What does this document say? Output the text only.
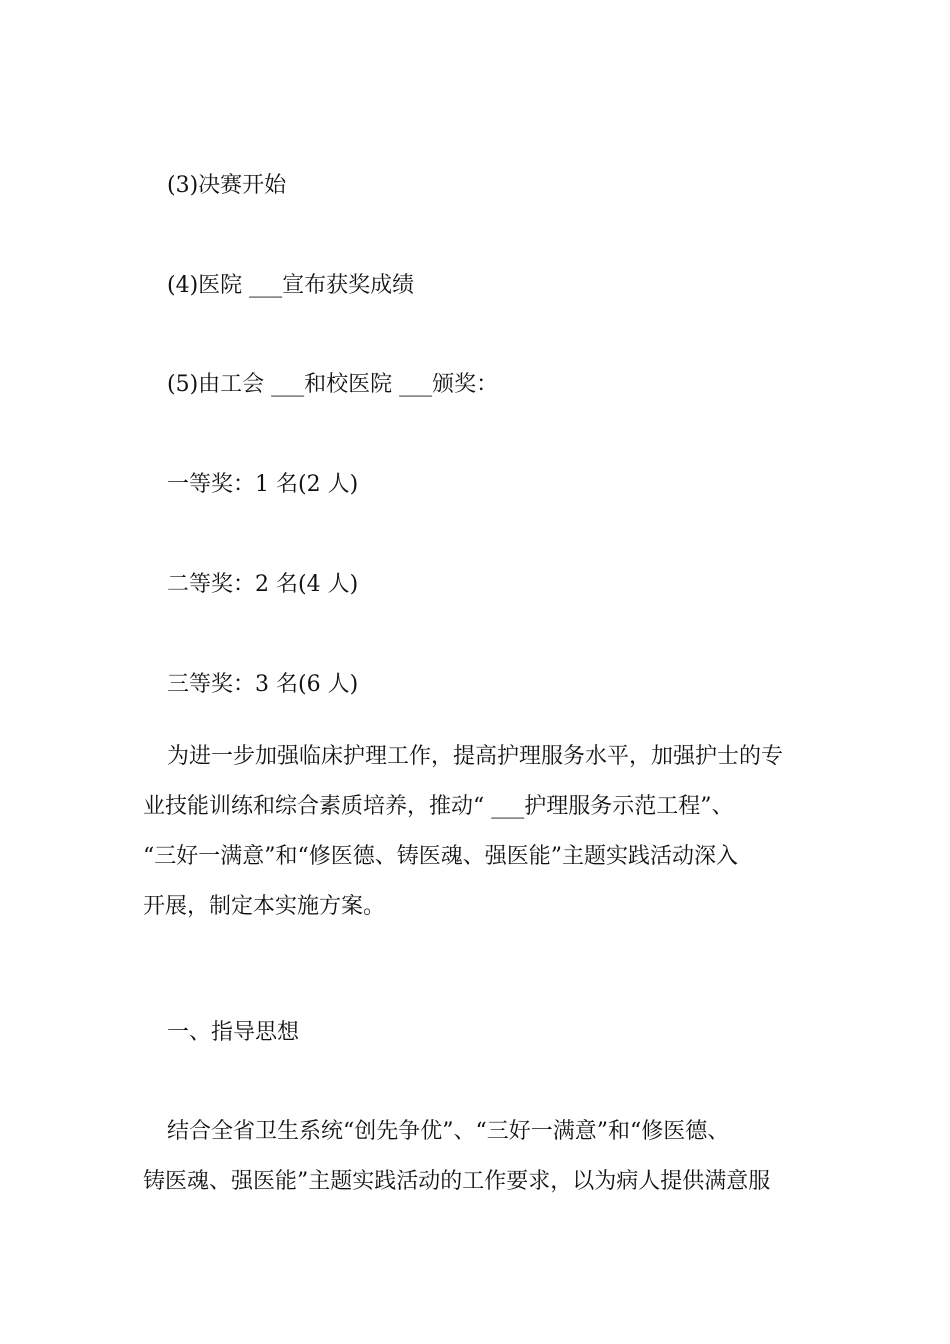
(3)决赛开始
(4)医院 ___宣布获奖成绩
(5)由工会 ___和校医院 ___颁奖：
一等奖：1 名(2 人)
二等奖：2 名(4 人)
三等奖：3 名(6 人)
为进一步加强临床护理工作，提高护理服务水平，加强护士的专
业技能训练和综合素质培养，推动“ ___护理服务示范工程”、
“三好一满意”和“修医德、铸医魂、强医能”主题实践活动深入
开展，制定本实施方案。
一、指导思想
结合全省卫生系统“创先争优”、“三好一满意”和“修医德、
铸医魂、强医能”主题实践活动的工作要求，以为病人提供满意服
